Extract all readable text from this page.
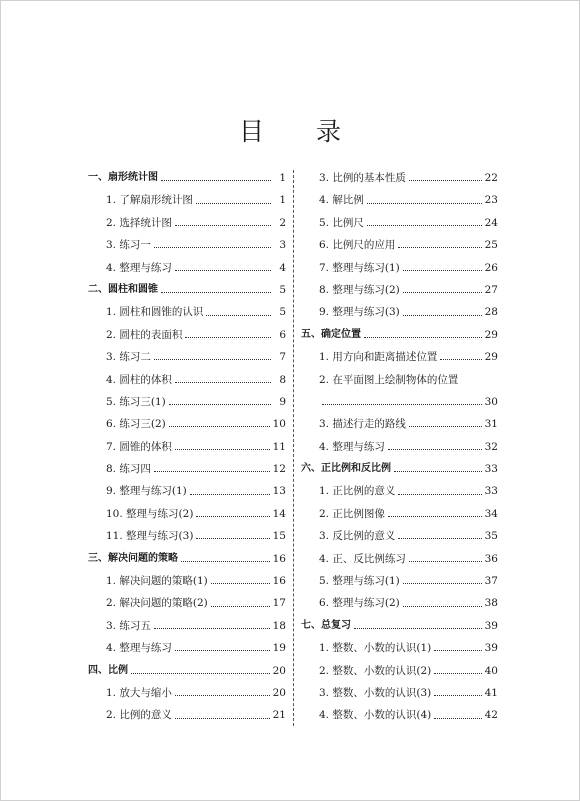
目 录
一、扇形统计图	1
1. 了解扇形统计图	1
2. 选择统计图	2
3. 练习一	3
4. 整理与练习	4
二、圆柱和圆锥	5
1. 圆柱和圆锥的认识	5
2. 圆柱的表面积	6
3. 练习二	7
4. 圆柱的体积	8
5. 练习三(1)	9
6. 练习三(2)	10
7. 圆锥的体积	11
8. 练习四	12
9. 整理与练习(1)	13
10. 整理与练习(2)	14
11. 整理与练习(3)	15
三、解决问题的策略	16
1. 解决问题的策略(1)	16
2. 解决问题的策略(2)	17
3. 练习五	18
4. 整理与练习	19
四、比例	20
1. 放大与缩小	20
2. 比例的意义	21
3. 比例的基本性质	22
4. 解比例	23
5. 比例尺	24
6. 比例尺的应用	25
7. 整理与练习(1)	26
8. 整理与练习(2)	27
9. 整理与练习(3)	28
五、确定位置	29
1. 用方向和距离描述位置	29
2. 在平面图上绘制物体的位置
30
3. 描述行走的路线	31
4. 整理与练习	32
六、正比例和反比例	33
1. 正比例的意义	33
2. 正比例图像	34
3. 反比例的意义	35
4. 正、反比例练习	36
5. 整理与练习(1)	37
6. 整理与练习(2)	38
七、总复习	39
1. 整数、小数的认识(1)	39
2. 整数、小数的认识(2)	40
3. 整数、小数的认识(3)	41
4. 整数、小数的认识(4)	42
